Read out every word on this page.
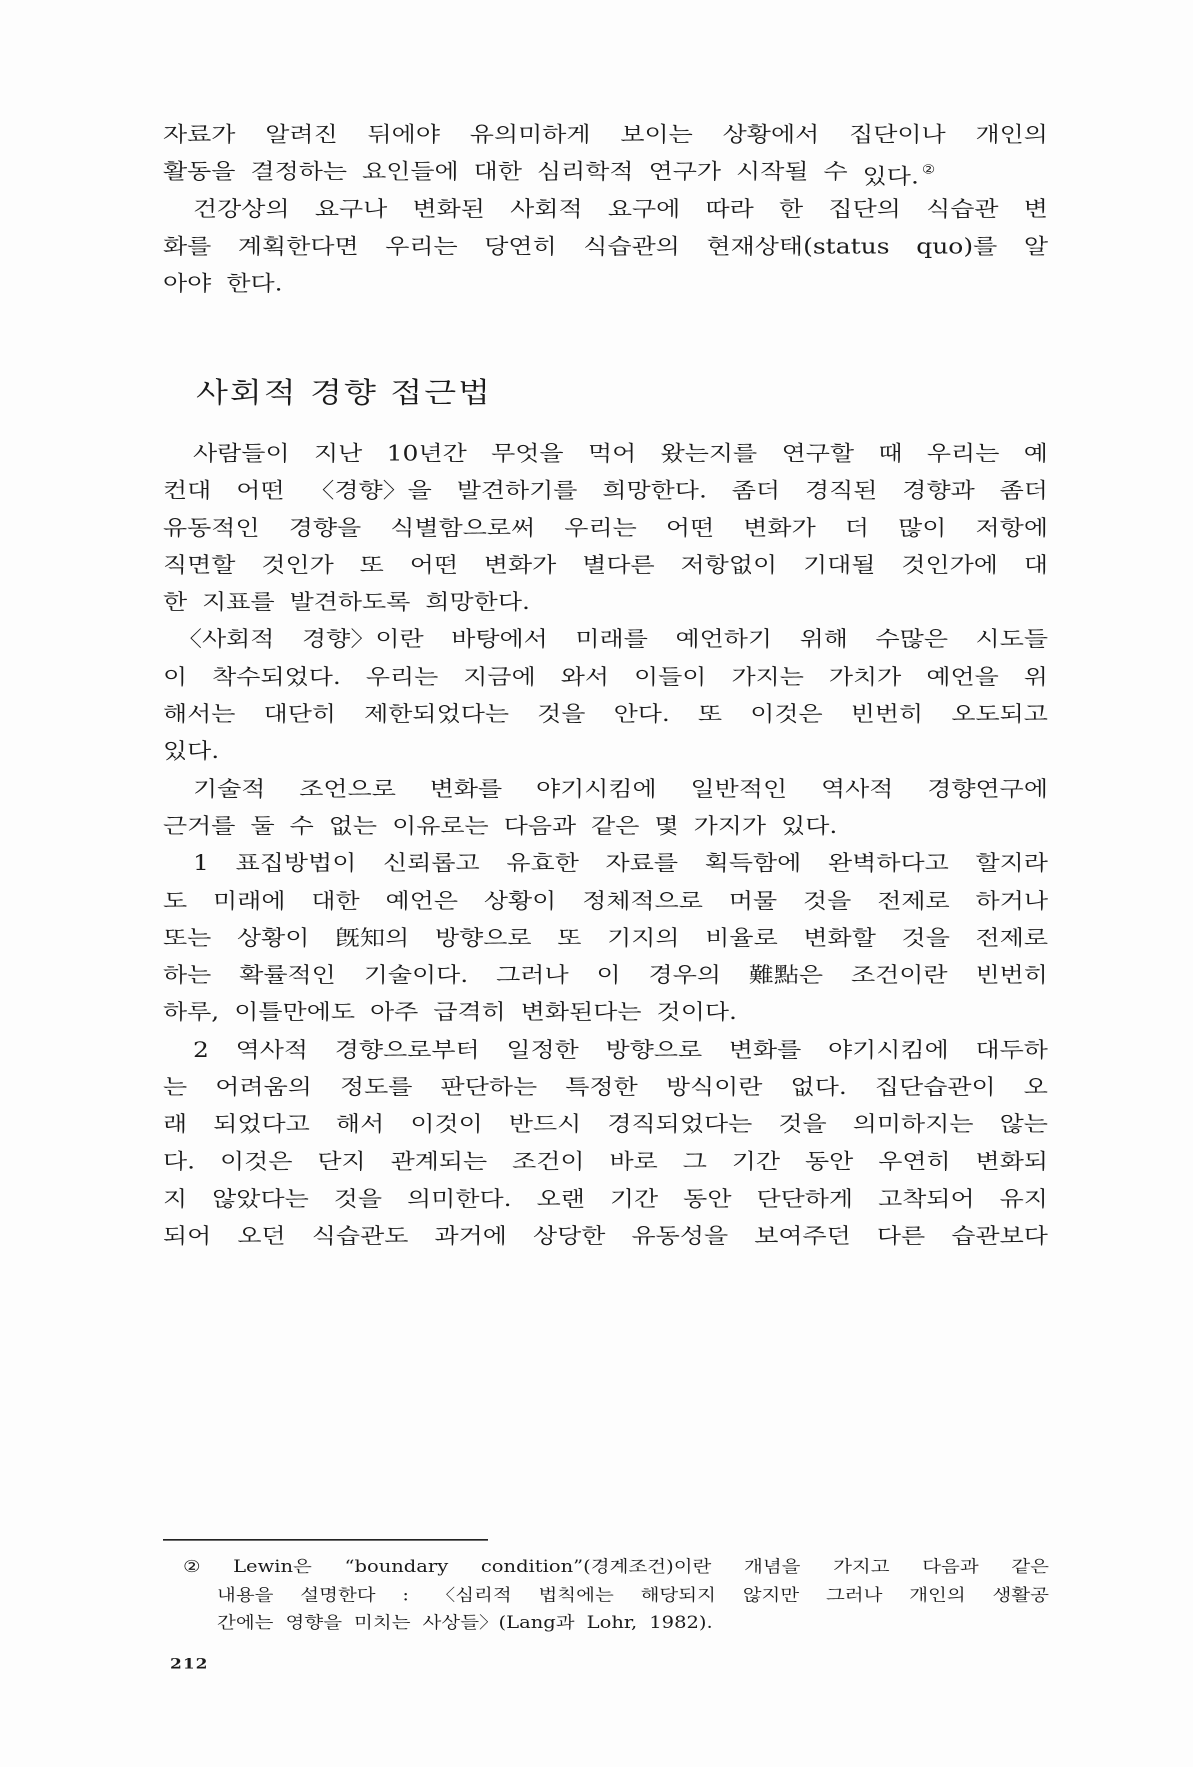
자료가 알려진 뒤에야 유의미하게 보이는 상황에서 집단이나 개인의
활동을 결정하는 요인들에 대한 심리학적 연구가 시작될 수 있다. ②
건강상의 요구나 변화된 사회적 요구에 따라 한 집단의 식습관 변
화를 계획한다면 우리는 당연히 식습관의 현재상태(status quo)를 알
아야 한다.
사회적 경향 접근법
사람들이 지난 10년간 무엇을 먹어 왔는지를 연구할 때 우리는 예
컨대 어떤 〈경향〉을 발견하기를 희망한다. 좀더 경직된 경향과 좀더
유동적인 경향을 식별함으로써 우리는 어떤 변화가 더 많이 저항에
직면할 것인가 또 어떤 변화가 별다른 저항없이 기대될 것인가에 대
한 지표를 발견하도록 희망한다.
〈사회적 경향〉이란 바탕에서 미래를 예언하기 위해 수많은 시도들
이 착수되었다. 우리는 지금에 와서 이들이 가지는 가치가 예언을 위
해서는 대단히 제한되었다는 것을 안다. 또 이것은 빈번히 오도되고
있다.
기술적 조언으로 변화를 야기시킴에 일반적인 역사적 경향연구에
근거를 둘 수 없는 이유로는 다음과 같은 몇 가지가 있다.
1 표집방법이 신뢰롭고 유효한 자료를 획득함에 완벽하다고 할지라
도 미래에 대한 예언은 상황이 정체적으로 머물 것을 전제로 하거나
또는 상황이 旣知의 방향으로 또 기지의 비율로 변화할 것을 전제로
하는 확률적인 기술이다. 그러나 이 경우의 難點은 조건이란 빈번히
하루, 이틀만에도 아주 급격히 변화된다는 것이다.
2 역사적 경향으로부터 일정한 방향으로 변화를 야기시킴에 대두하
는 어려움의 정도를 판단하는 특정한 방식이란 없다. 집단습관이 오
래 되었다고 해서 이것이 반드시 경직되었다는 것을 의미하지는 않는
다. 이것은 단지 관계되는 조건이 바로 그 기간 동안 우연히 변화되
지 않았다는 것을 의미한다. 오랜 기간 동안 단단하게 고착되어 유지
되어 오던 식습관도 과거에 상당한 유동성을 보여주던 다른 습관보다
② Lewin은 “boundary condition”(경계조건)이란 개념을 가지고 다음과 같은
내용을 설명한다 : 〈심리적 법칙에는 해당되지 않지만 그러나 개인의 생활공
간에는 영향을 미치는 사상들〉(Lang과 Lohr, 1982).
212
